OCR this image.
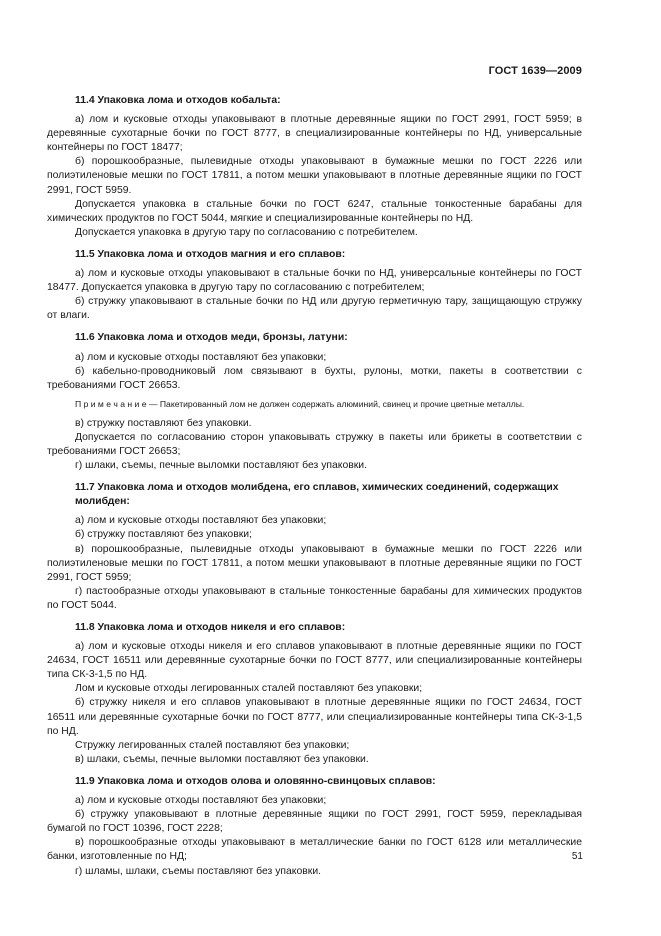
ГОСТ 1639—2009
11.4 Упаковка лома и отходов кобальта:

а) лом и кусковые отходы упаковывают в плотные деревянные ящики по ГОСТ 2991, ГОСТ 5959; в деревянные сухотарные бочки по ГОСТ 8777, в специализированные контейнеры по НД, универсальные контейнеры по ГОСТ 18477;

б) порошкообразные, пылевидные отходы упаковывают в бумажные мешки по ГОСТ 2226 или полиэтиленовые мешки по ГОСТ 17811, а потом мешки упаковывают в плотные деревянные ящики по ГОСТ 2991, ГОСТ 5959.

Допускается упаковка в стальные бочки по ГОСТ 6247, стальные тонкостенные барабаны для химических продуктов по ГОСТ 5044, мягкие и специализированные контейнеры по НД.

Допускается упаковка в другую тару по согласованию с потребителем.

11.5 Упаковка лома и отходов магния и его сплавов:

а) лом и кусковые отходы упаковывают в стальные бочки по НД, универсальные контейнеры по ГОСТ 18477. Допускается упаковка в другую тару по согласованию с потребителем;

б) стружку упаковывают в стальные бочки по НД или другую герметичную тару, защищающую стружку от влаги.

11.6 Упаковка лома и отходов меди, бронзы, латуни:

а) лом и кусковые отходы поставляют без упаковки;

б) кабельно-проводниковый лом связывают в бухты, рулоны, мотки, пакеты в соответствии с требованиями ГОСТ 26653.

П р и м е ч а н и е — Пакетированный лом не должен содержать алюминий, свинец и прочие цветные металлы.

в) стружку поставляют без упаковки.

Допускается по согласованию сторон упаковывать стружку в пакеты или брикеты в соответствии с требованиями ГОСТ 26653;

г) шлаки, съемы, печные выломки поставляют без упаковки.

11.7 Упаковка лома и отходов молибдена, его сплавов, химических соединений, содержащих молибден:

а) лом и кусковые отходы поставляют без упаковки;

б) стружку поставляют без упаковки;

в) порошкообразные, пылевидные отходы упаковывают в бумажные мешки по ГОСТ 2226 или полиэтиленовые мешки по ГОСТ 17811, а потом мешки упаковывают в плотные деревянные ящики по ГОСТ 2991, ГОСТ 5959;

г) пастообразные отходы упаковывают в стальные тонкостенные барабаны для химических продуктов по ГОСТ 5044.

11.8 Упаковка лома и отходов никеля и его сплавов:

а) лом и кусковые отходы никеля и его сплавов упаковывают в плотные деревянные ящики по ГОСТ 24634, ГОСТ 16511 или деревянные сухотарные бочки по ГОСТ 8777, или специализированные контейнеры типа СК-3-1,5 по НД.

Лом и кусковые отходы легированных сталей поставляют без упаковки;

б) стружку никеля и его сплавов упаковывают в плотные деревянные ящики по ГОСТ 24634, ГОСТ 16511 или деревянные сухотарные бочки по ГОСТ 8777, или специализированные контейнеры типа СК-3-1,5 по НД.

Стружку легированных сталей поставляют без упаковки;

в) шлаки, съемы, печные выломки поставляют без упаковки.

11.9 Упаковка лома и отходов олова и оловянно-свинцовых сплавов:

а) лом и кусковые отходы поставляют без упаковки;

б) стружку упаковывают в плотные деревянные ящики по ГОСТ 2991, ГОСТ 5959, перекладывая бумагой по ГОСТ 10396, ГОСТ 2228;

в) порошкообразные отходы упаковывают в металлические банки по ГОСТ 6128 или металлические банки, изготовленные по НД;

г) шламы, шлаки, съемы поставляют без упаковки.

51
